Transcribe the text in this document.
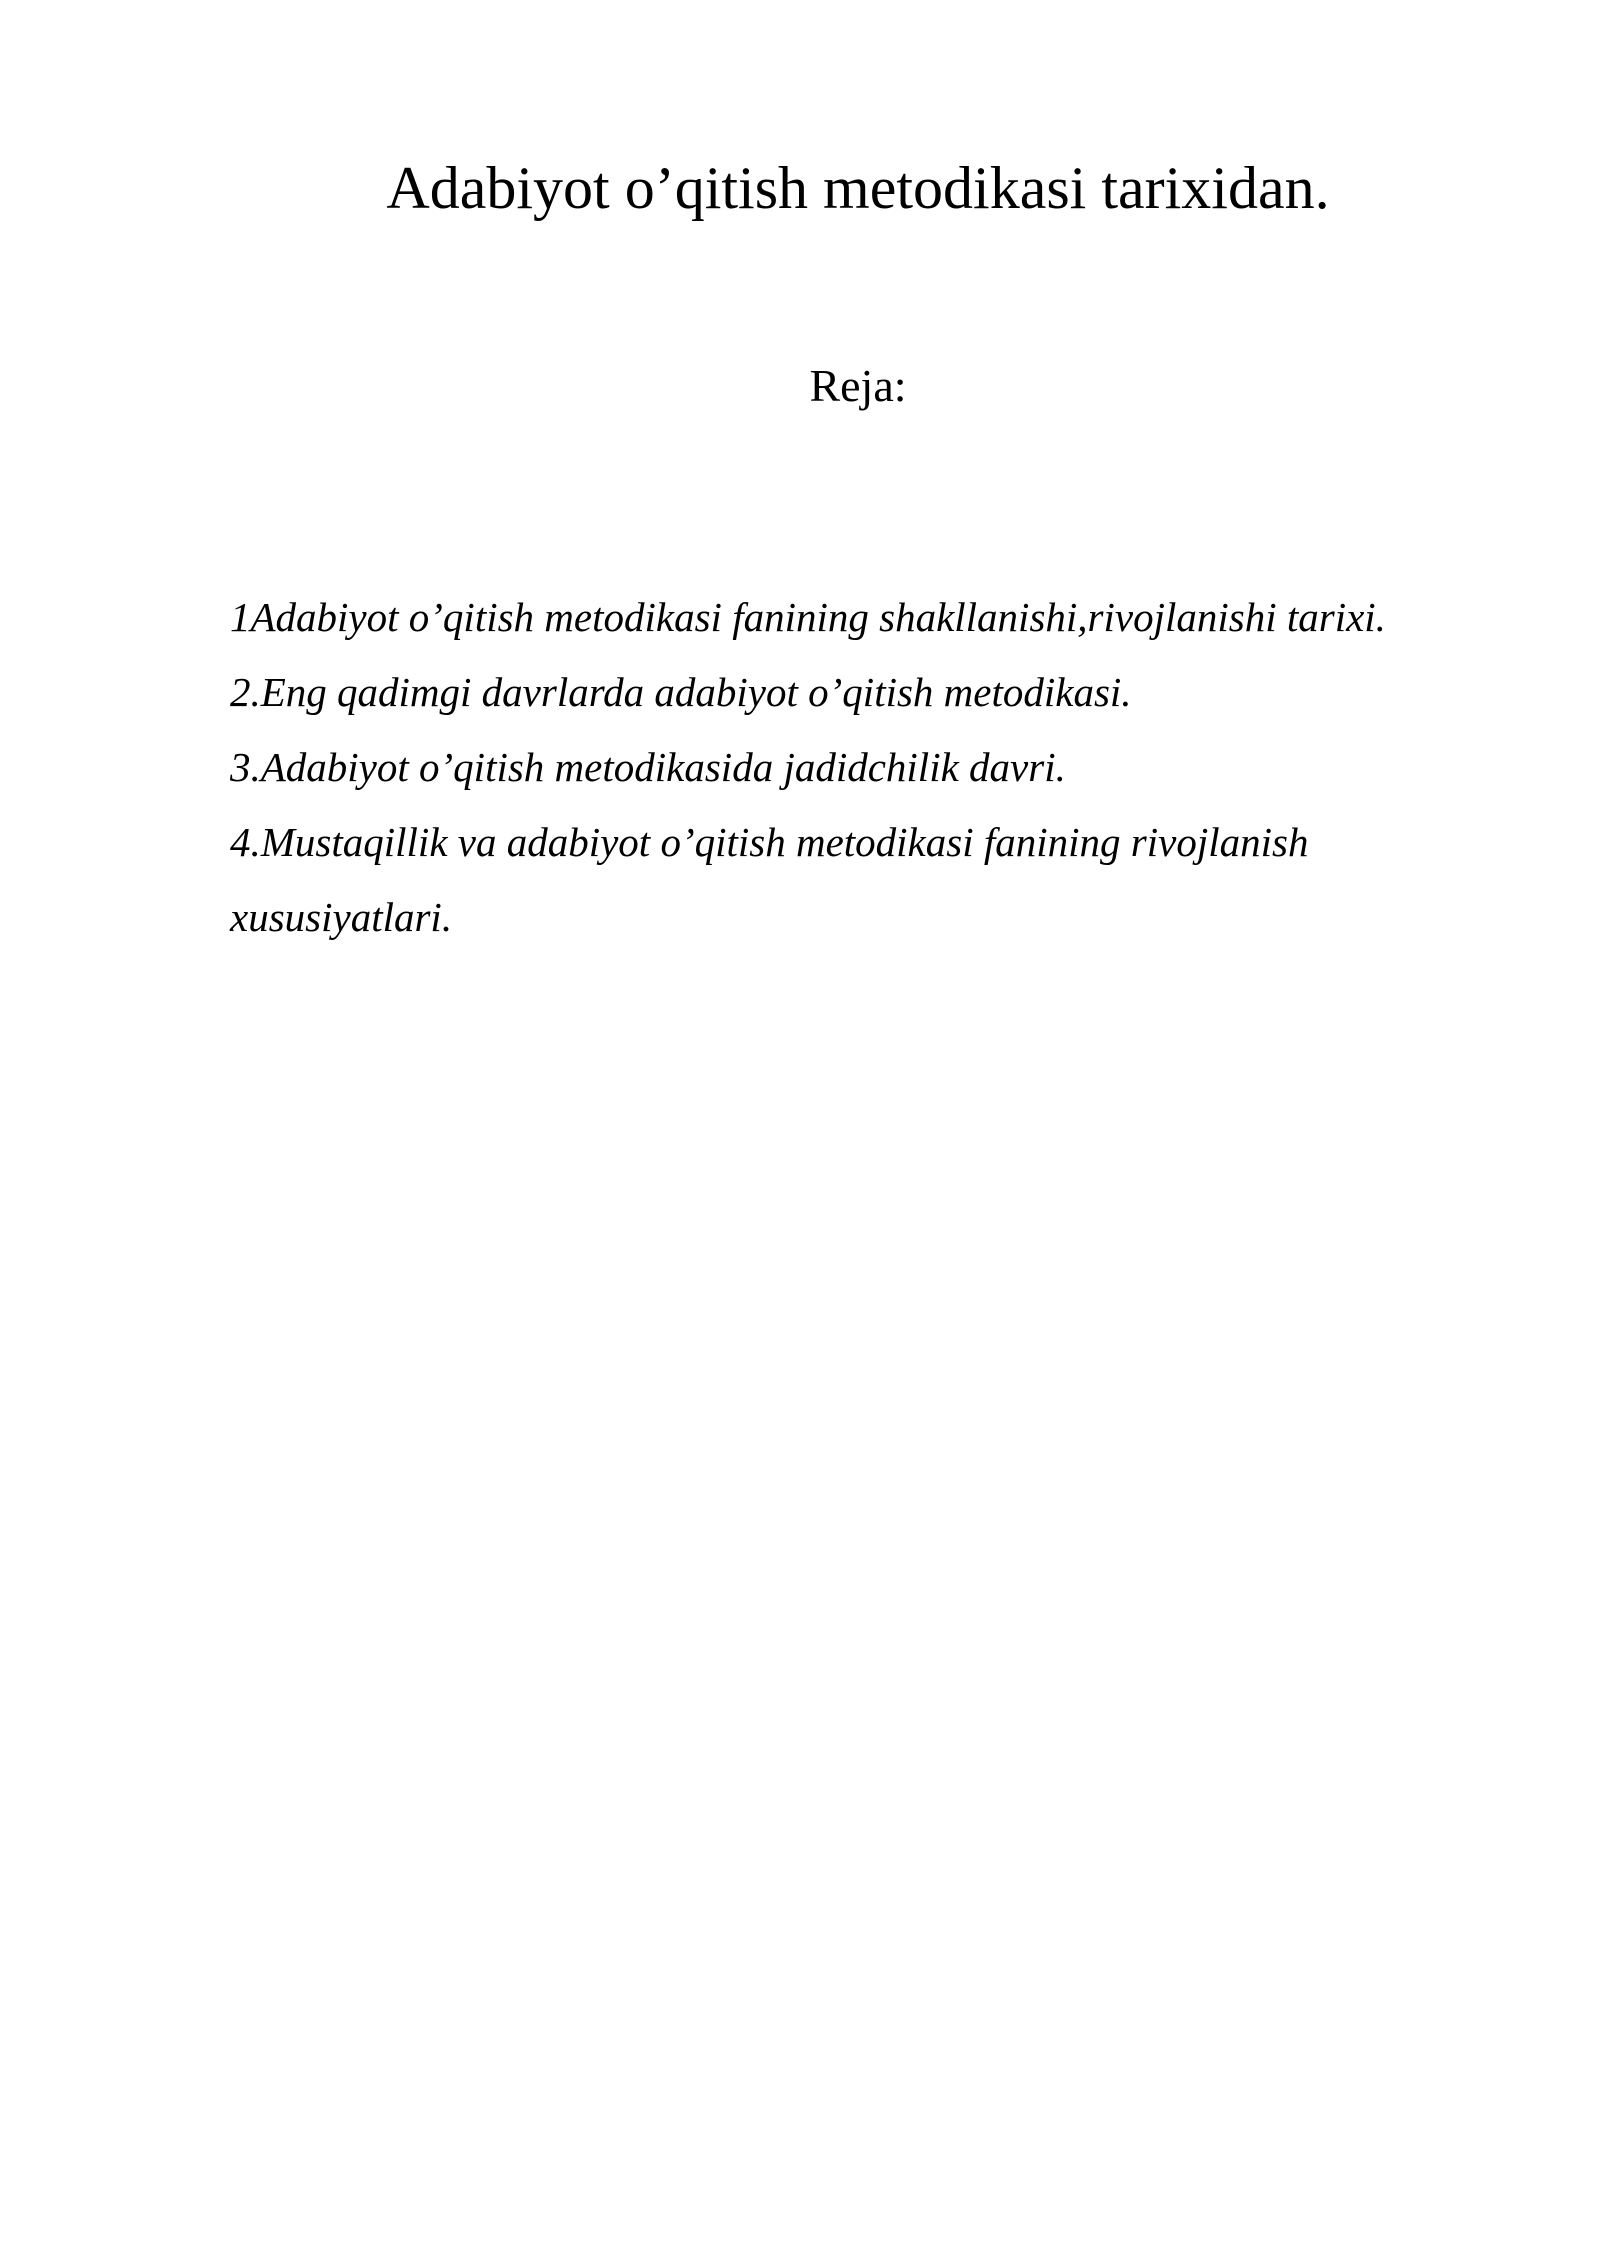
Adabiyot o’qitish metodikasi tarixidan.
Reja:
1Adabiyot o’qitish metodikasi fanining shakllanishi,rivojlanishi tarixi.
2.Eng qadimgi davrlarda adabiyot o’qitish metodikasi.
3.Adabiyot o’qitish metodikasida jadidchilik davri.
4.Mustaqillik va adabiyot o’qitish metodikasi fanining rivojlanish xususiyatlari.
